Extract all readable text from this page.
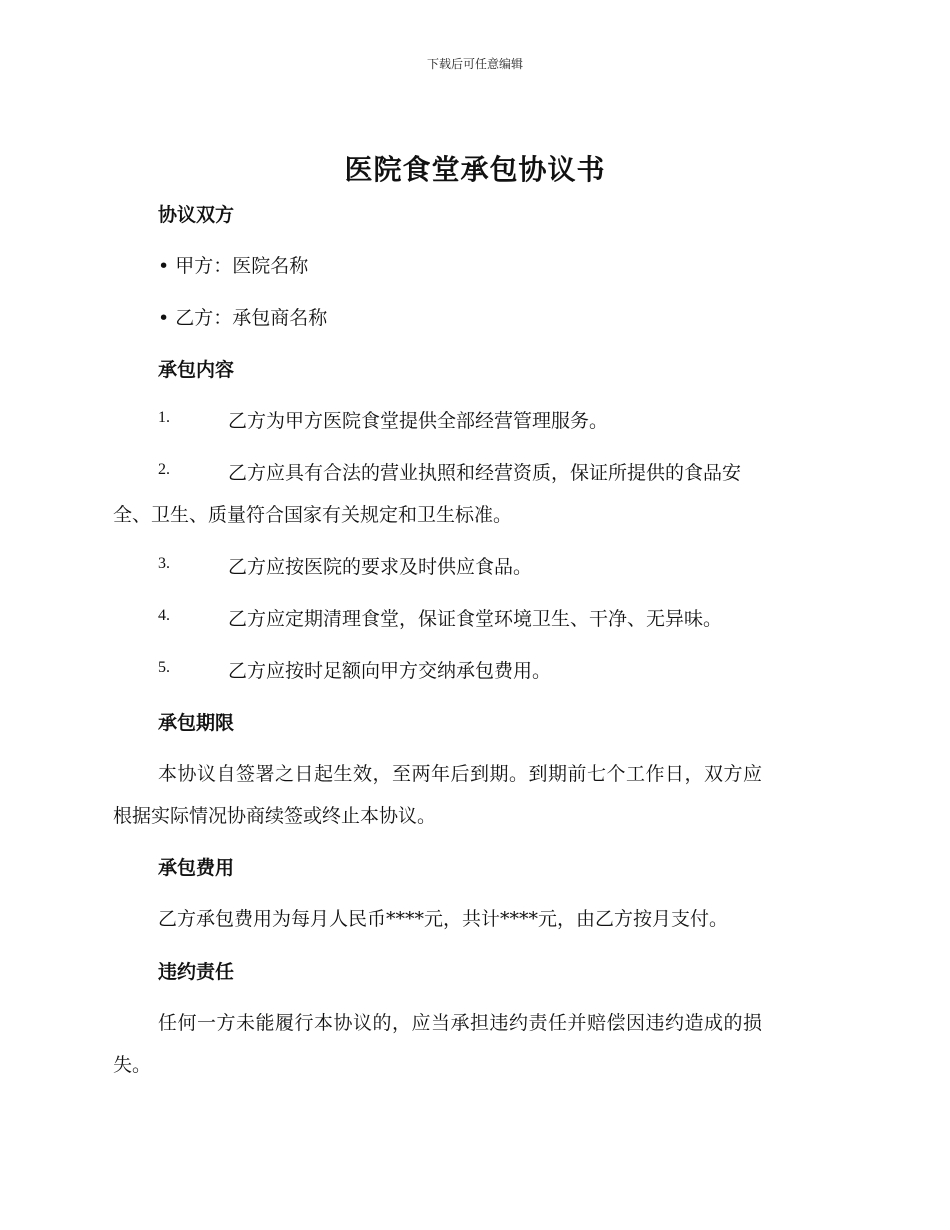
下载后可任意编辑
医院食堂承包协议书
协议双方
• 甲方：医院名称
• 乙方：承包商名称
承包内容
1.	乙方为甲方医院食堂提供全部经营管理服务。
2.	乙方应具有合法的营业执照和经营资质，保证所提供的食品安
全、卫生、质量符合国家有关规定和卫生标准。
3.	乙方应按医院的要求及时供应食品。
4.	乙方应定期清理食堂，保证食堂环境卫生、干净、无异味。
5.	乙方应按时足额向甲方交纳承包费用。
承包期限
本协议自签署之日起生效，至两年后到期。到期前七个工作日，双方应
根据实际情况协商续签或终止本协议。
承包费用
乙方承包费用为每月人民币****元，共计****元，由乙方按月支付。
违约责任
任何一方未能履行本协议的，应当承担违约责任并赔偿因违约造成的损
失。
